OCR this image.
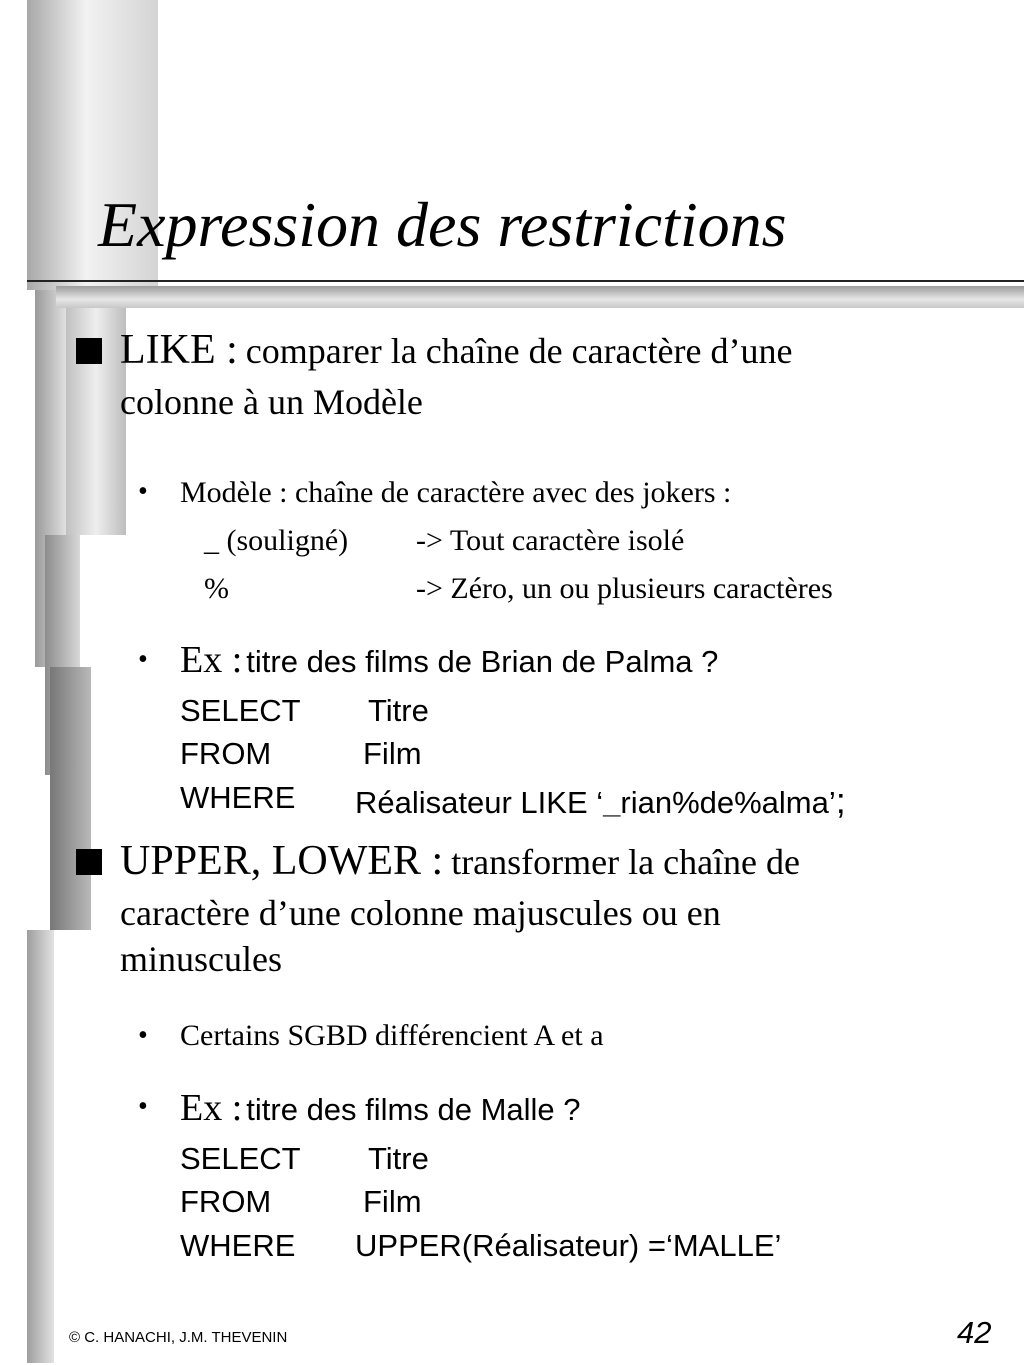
Expression des restrictions
LIKE : comparer la chaîne de caractère d’une
colonne à un Modèle
• Modèle : chaîne de caractère avec des jokers :
_ (souligné) -> Tout caractère isolé
%	-> Zéro, un ou plusieurs caractères
• Ex : titre des films de Brian de Palma ?
SELECT Titre
FROM	Film
WHERE Réalisateur LIKE ‘_rian%de%alma’;
UPPER, LOWER : transformer la chaîne de
caractère d’une colonne majuscules ou en
minuscules
• Certains SGBD différencient A et a
• Ex : titre des films de Malle ?
SELECT Titre
FROM	Film
WHERE UPPER(Réalisateur) =‘MALLE’
© C. HANACHI, J.M. THEVENIN	42
